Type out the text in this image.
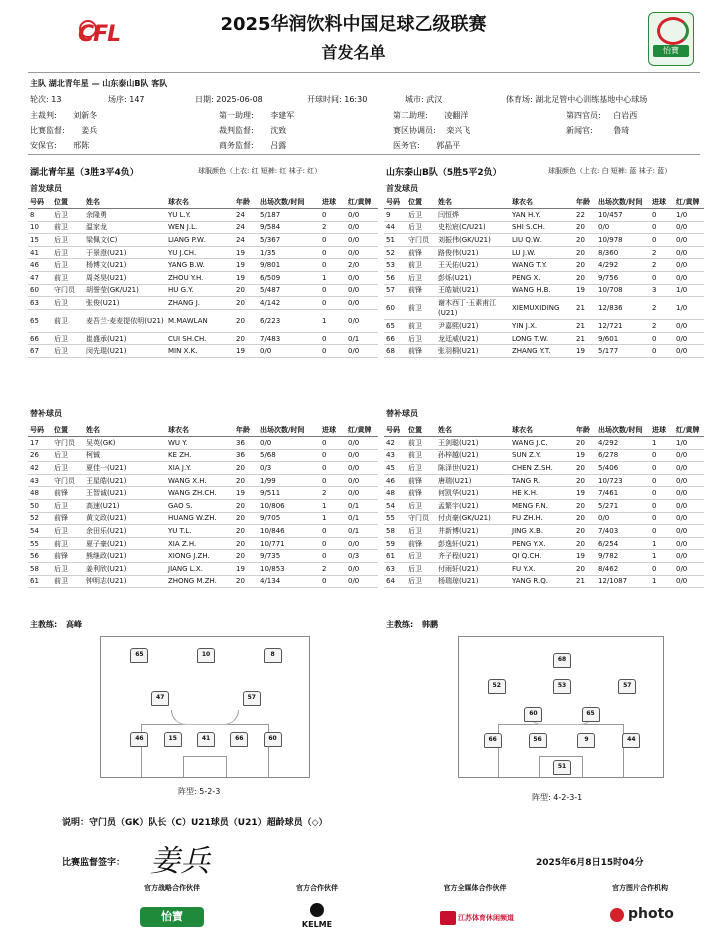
CFL	2025华润饮料中国足球乙级联赛
首发名单	怡寶
主队 湖北青年星 — 山东泰山B队 客队
轮次: 13	场序: 147	日期: 2025-06-08	开球时间: 16:30	城市: 武汉	体育场: 湖北足管中心训练基地中心球场
主裁判: 刘新冬	第一助理: 李建军	第二助理: 凌翻洋	第四官员: 白岩西
比赛监督: 姜兵	裁判监督: 沈致	赛区协调员: 栾兴飞	新闻官:	鲁琦
安保官: 邢陈	商务监督: 吕露	医务官: 郭晶平
湖北青年星（3胜3平4负）	球服颜色（上衣: 红 短裤: 红 袜子: 红）	山东泰山B队（5胜5平2负）	球服颜色（上衣: 白 短裤: 蓝 袜子: 蓝）
首发球员	首发球员
号码	位置	姓名	球衣名	年龄	出场次数/时间	进球	红/黄牌
8	后卫	余隆勇	YU L.Y.	24	5/187	0	0/0
10	前卫	温家龙	WEN J.L.	24	9/584	2	0/0
15	后卫	梁佩文(C)	LIANG P.W.	24	5/367	0	0/0
41	后卫	于景澄(U21)	YU J.CH.	19	1/35	0	0/0
46	后卫	杨博文(U21)	YANG B.W.	19	9/801	0	2/0
47	前卫	周尧昊(U21)	ZHOU Y.H.	19	6/509	1	0/0
60	守门员	胡誉莹(GK/U21)	HU G.Y.	20	5/487	0	0/0
63	后卫	张俊(U21)	ZHANG J.	20	4/142	0	0/0
65	前卫	麦吾兰·麦麦提依明(U21)	M.MAWLAN	20	6/223	1	0/0
66	后卫	崔盛承(U21)	CUI SH.CH.	20	7/483	0	0/1
67	后卫	闵先琨(U21)	MIN X.K.	19	0/0	0	0/0
号码	位置	姓名	球衣名	年龄	出场次数/时间	进球	红/黄牌
9	后卫	闫恒烨	YAN H.Y.	22	10/457	0	1/0
44	后卫	史松宸(C/U21)	SHI S.CH.	20	0/0	0	0/0
51	守门员	刘振伟(GK/U21)	LIU Q.W.	20	10/978	0	0/0
52	前锋	路俊伟(U21)	LU J.W.	20	8/360	2	0/0
53	前卫	王天佑(U21)	WANG T.Y.	20	4/292	2	0/0
56	后卫	彭烁(U21)	PENG X.	20	9/756	0	0/0
57	前锋	王皓斌(U21)	WANG H.B.	19	10/708	3	1/0
60	前卫	谢木西丁·玉素甫江(U21)	XIEMUXIDING	21	12/836	2	1/0
65	前卫	尹嘉熙(U21)	YIN J.X.	21	12/721	2	0/0
66	后卫	龙廷威(U21)	LONG T.W.	21	9/601	0	0/0
68	前锋	张羽桐(U21)	ZHANG Y.T.	19	5/177	0	0/0
替补球员	替补球员
号码	位置	姓名	球衣名	年龄	出场次数/时间	进球	红/黄牌
17	守门员	吴英(GK)	WU Y.	36	0/0	0	0/0
26	后卫	柯铖	KE ZH.	36	5/68	0	0/0
42	后卫	夏佳一(U21)	XIA J.Y.	20	0/3	0	0/0
43	守门员	王星皓(U21)	WANG X.H.	20	1/99	0	0/0
48	前锋	王智诚(U21)	WANG ZH.CH.	19	9/511	2	0/0
50	后卫	高速(U21)	GAO S.	20	10/806	1	0/1
52	前锋	黄文政(U21)	HUANG W.ZH.	20	9/705	1	0/1
54	后卫	余田乐(U21)	YU T.L.	20	10/846	0	0/1
55	前卫	夏子豪(U21)	XIA Z.H.	20	10/771	0	0/0
56	前锋	熊继政(U21)	XIONG J.ZH.	20	9/735	0	0/3
58	后卫	姜利欣(U21)	JIANG L.X.	19	10/853	2	0/0
61	前卫	钟明志(U21)	ZHONG M.ZH.	20	4/134	0	0/0
号码	位置	姓名	球衣名	年龄	出场次数/时间	进球	红/黄牌
42	前卫	王剑聪(U21)	WANG J.C.	20	4/292	1	1/0
43	前卫	孙梓越(U21)	SUN Z.Y.	19	6/278	0	0/0
45	后卫	陈泽世(U21)	CHEN Z.SH.	20	5/406	0	0/0
46	前锋	唐瑞(U21)	TANG R.	20	10/723	0	0/0
48	前锋	何凯华(U21)	HE K.H.	19	7/461	0	0/0
54	后卫	孟繁宇(U21)	MENG F.N.	20	5/271	0	0/0
55	守门员	付贞豪(GK/U21)	FU ZH.H.	20	0/0	0	0/0
58	后卫	井新博(U21)	JING X.B.	20	7/403	0	0/0
59	前锋	彭逸轩(U21)	PENG Y.X.	20	6/254	1	0/0
61	后卫	齐子程(U21)	QI Q.CH.	19	9/782	1	0/0
63	后卫	付雨轩(U21)	FU Y.X.	20	8/462	0	0/0
64	后卫	杨瑞琼(U21)	YANG R.Q.	21	12/1087	1	0/0
主教练: 高峰	主教练: 韩鹏
10
65	8
47	57
46	15	41	66	60
68
52	53	57
60	65
66	56	9	44
51
阵型: 5-2-3
阵型: 4-2-3-1
说明：守门员（GK）队长（C）U21球员（U21）超龄球员（◇）
比赛监督签字： 姜兵	2025年6月8日15时04分
官方战略合作伙伴
怡寶
官方合作伙伴
KELME
官方全媒体合作伙伴
江苏体育休闲频道
官方图片合作机构
photo
